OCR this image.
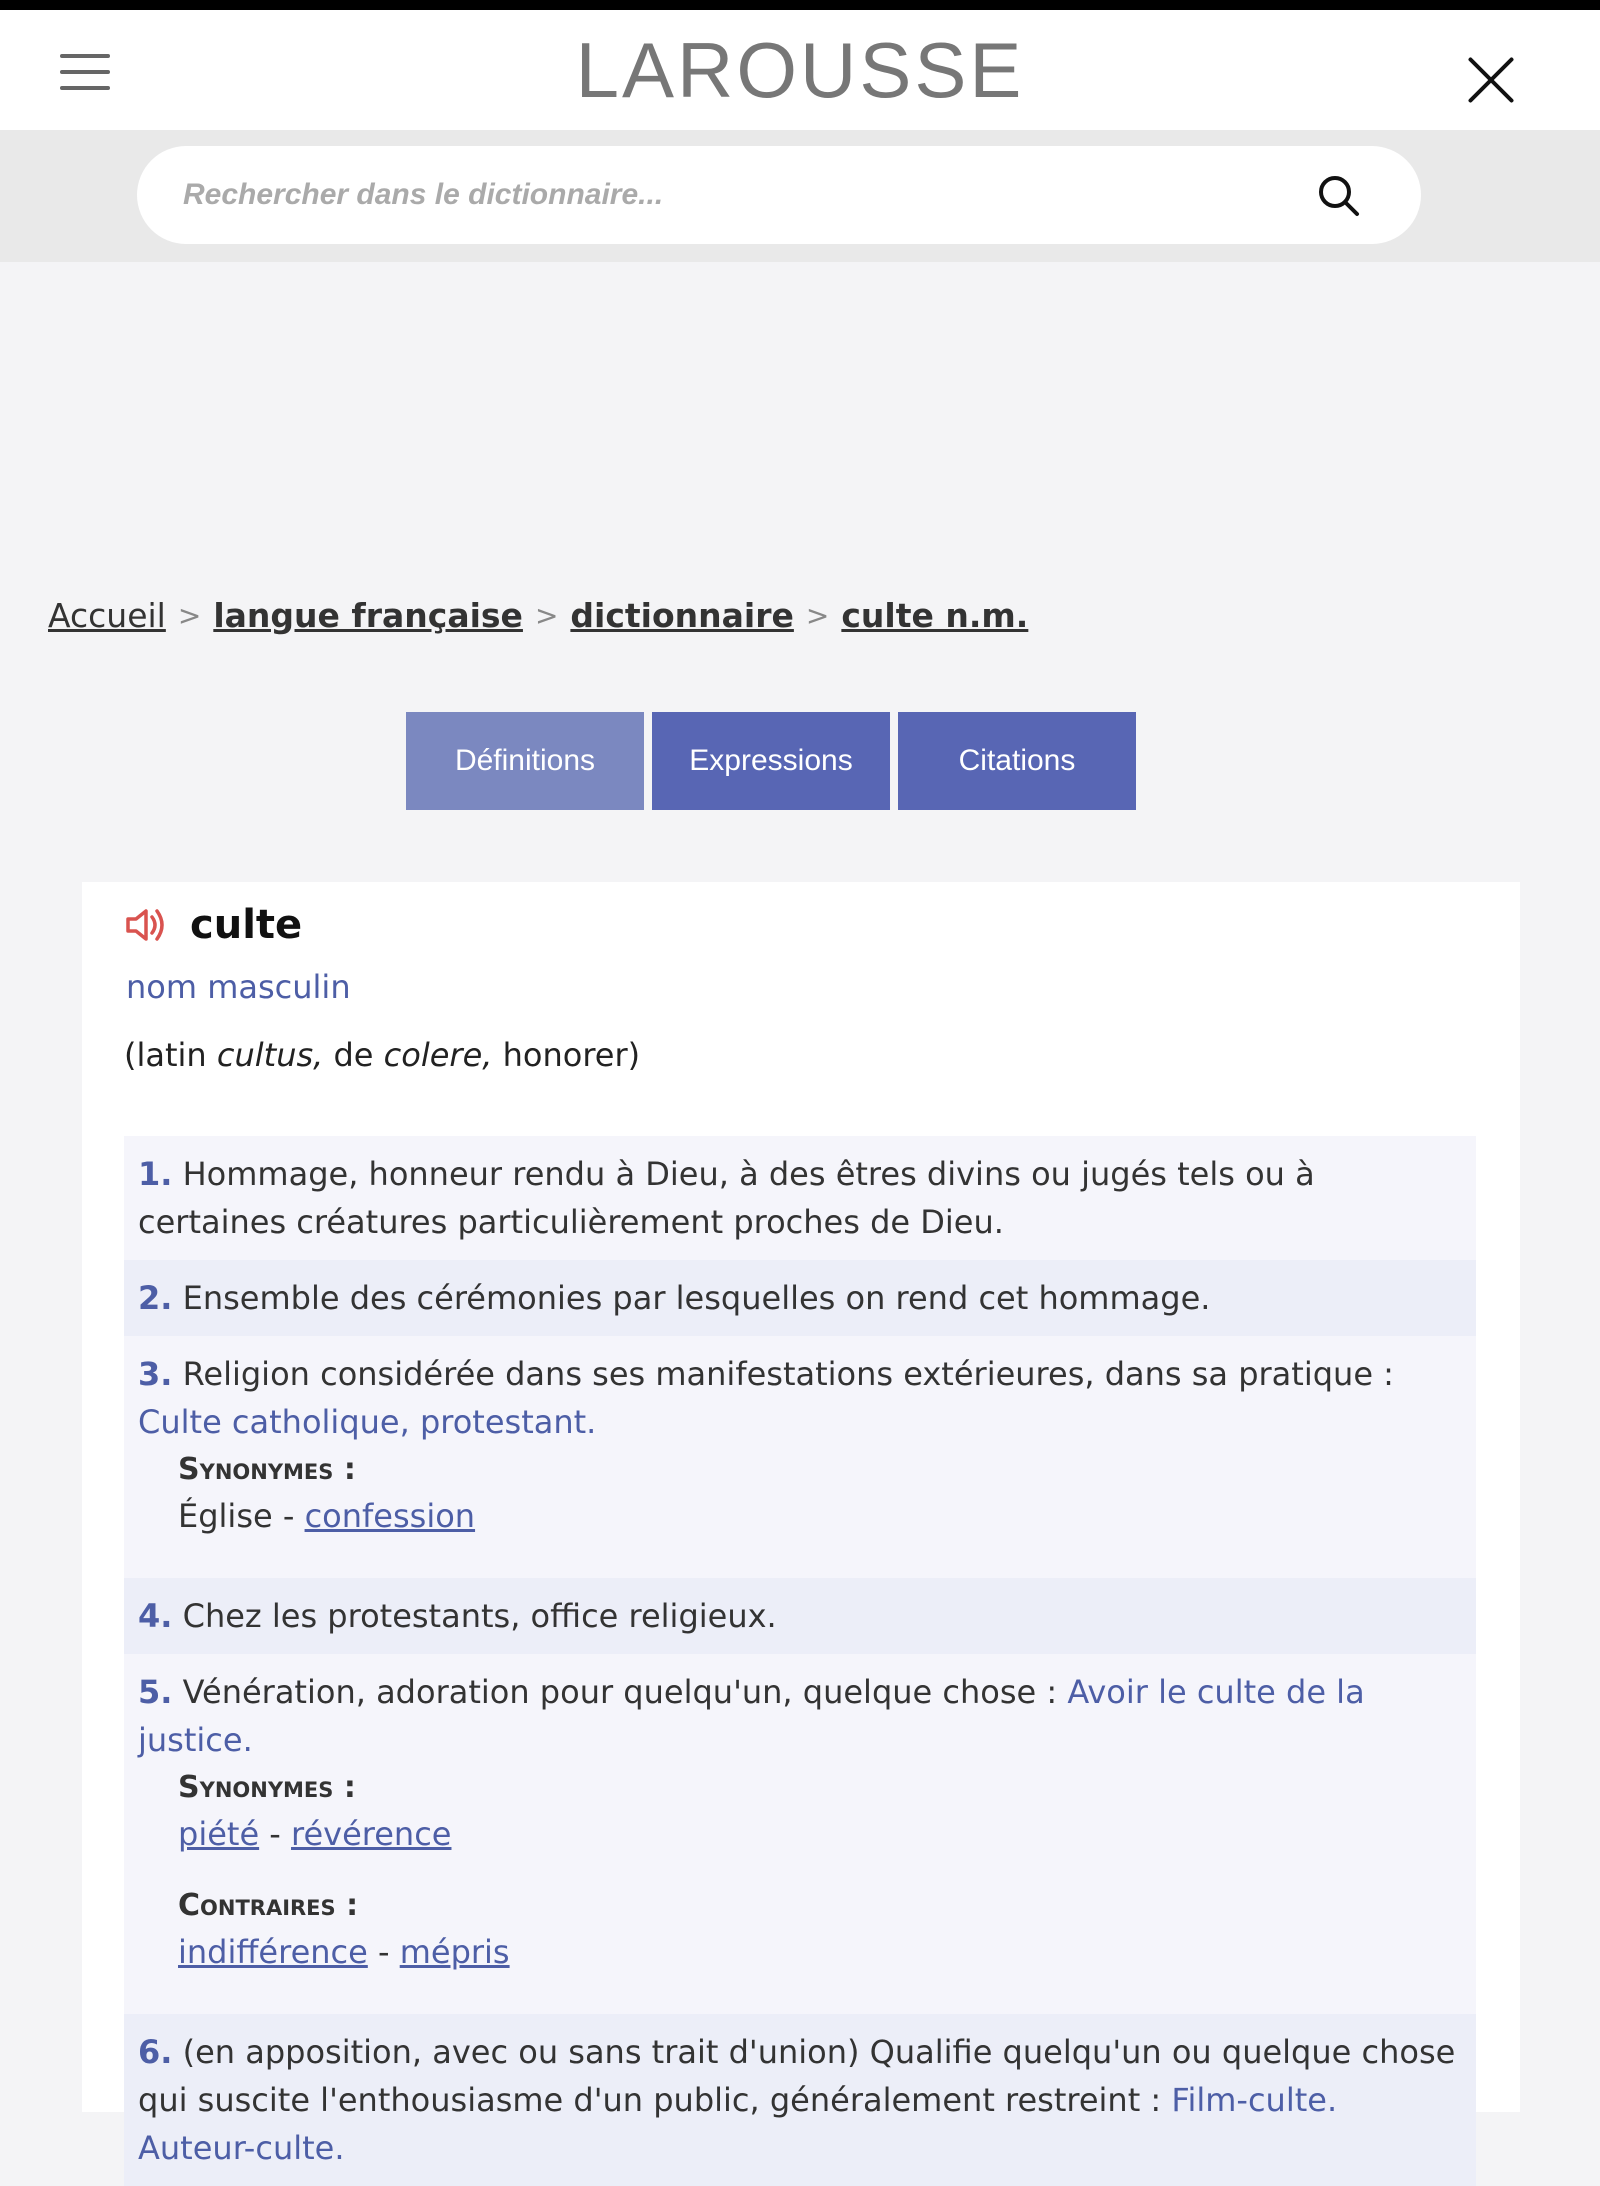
LAROUSSE
Rechercher dans le dictionnaire...
Accueil > langue française > dictionnaire > culte n.m.
Définitions	Expressions	Citations
culte
nom masculin
(latin cultus, de colere, honorer)
1. Hommage, honneur rendu à Dieu, à des êtres divins ou jugés tels ou à certaines créatures particulièrement proches de Dieu.
2. Ensemble des cérémonies par lesquelles on rend cet hommage.
3. Religion considérée dans ses manifestations extérieures, dans sa pratique : Culte catholique, protestant.
Synonymes :
Église - confession
4. Chez les protestants, office religieux.
5. Vénération, adoration pour quelqu'un, quelque chose : Avoir le culte de la justice.
Synonymes :
piété - révérence
Contraires :
indifférence - mépris
6. (en apposition, avec ou sans trait d'union) Qualifie quelqu'un ou quelque chose qui suscite l'enthousiasme d'un public, généralement restreint : Film-culte. Auteur-culte.
